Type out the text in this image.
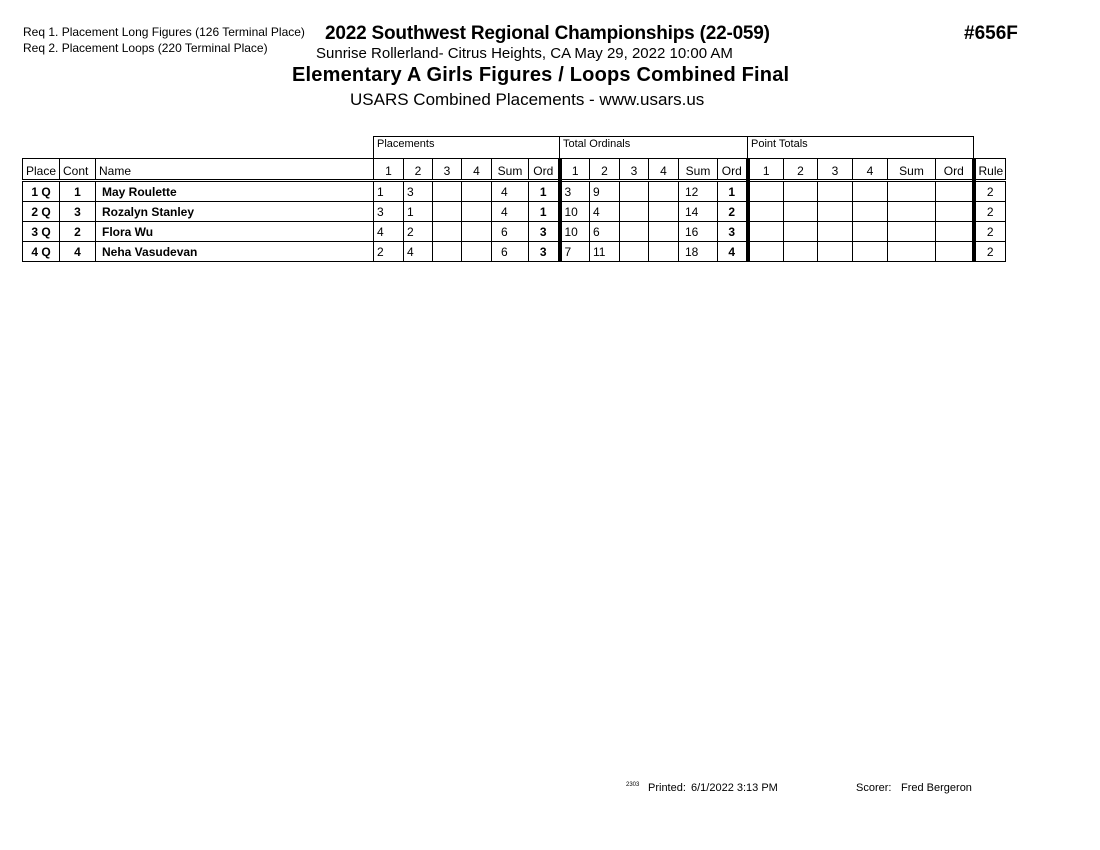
Req 1. Placement Long Figures (126 Terminal Place)
Req 2. Placement Loops (220 Terminal Place)
2022 Southwest Regional Championships (22-059)
Sunrise Rollerland- Citrus Heights, CA May 29, 2022 10:00 AM
Elementary A Girls Figures / Loops Combined Final
USARS Combined Placements - www.usars.us
#656F
			Placements						Total Ordinals						Point Totals						
Place	Cont	Name	1	2	3	4	Sum	Ord	1	2	3	4	Sum	Ord	1	2	3	4	Sum	Ord	Rule
1 Q	1	May Roulette	1	3			4	1	3	9			12	1							2
2 Q	3	Rozalyn Stanley	3	1			4	1	10	4			14	2							2
3 Q	2	Flora Wu	4	2			6	3	10	6			16	3							2
4 Q	4	Neha Vasudevan	2	4			6	3	7	11			18	4							2
2303 Printed: 6/1/2022 3:13 PM	Scorer: Fred Bergeron
